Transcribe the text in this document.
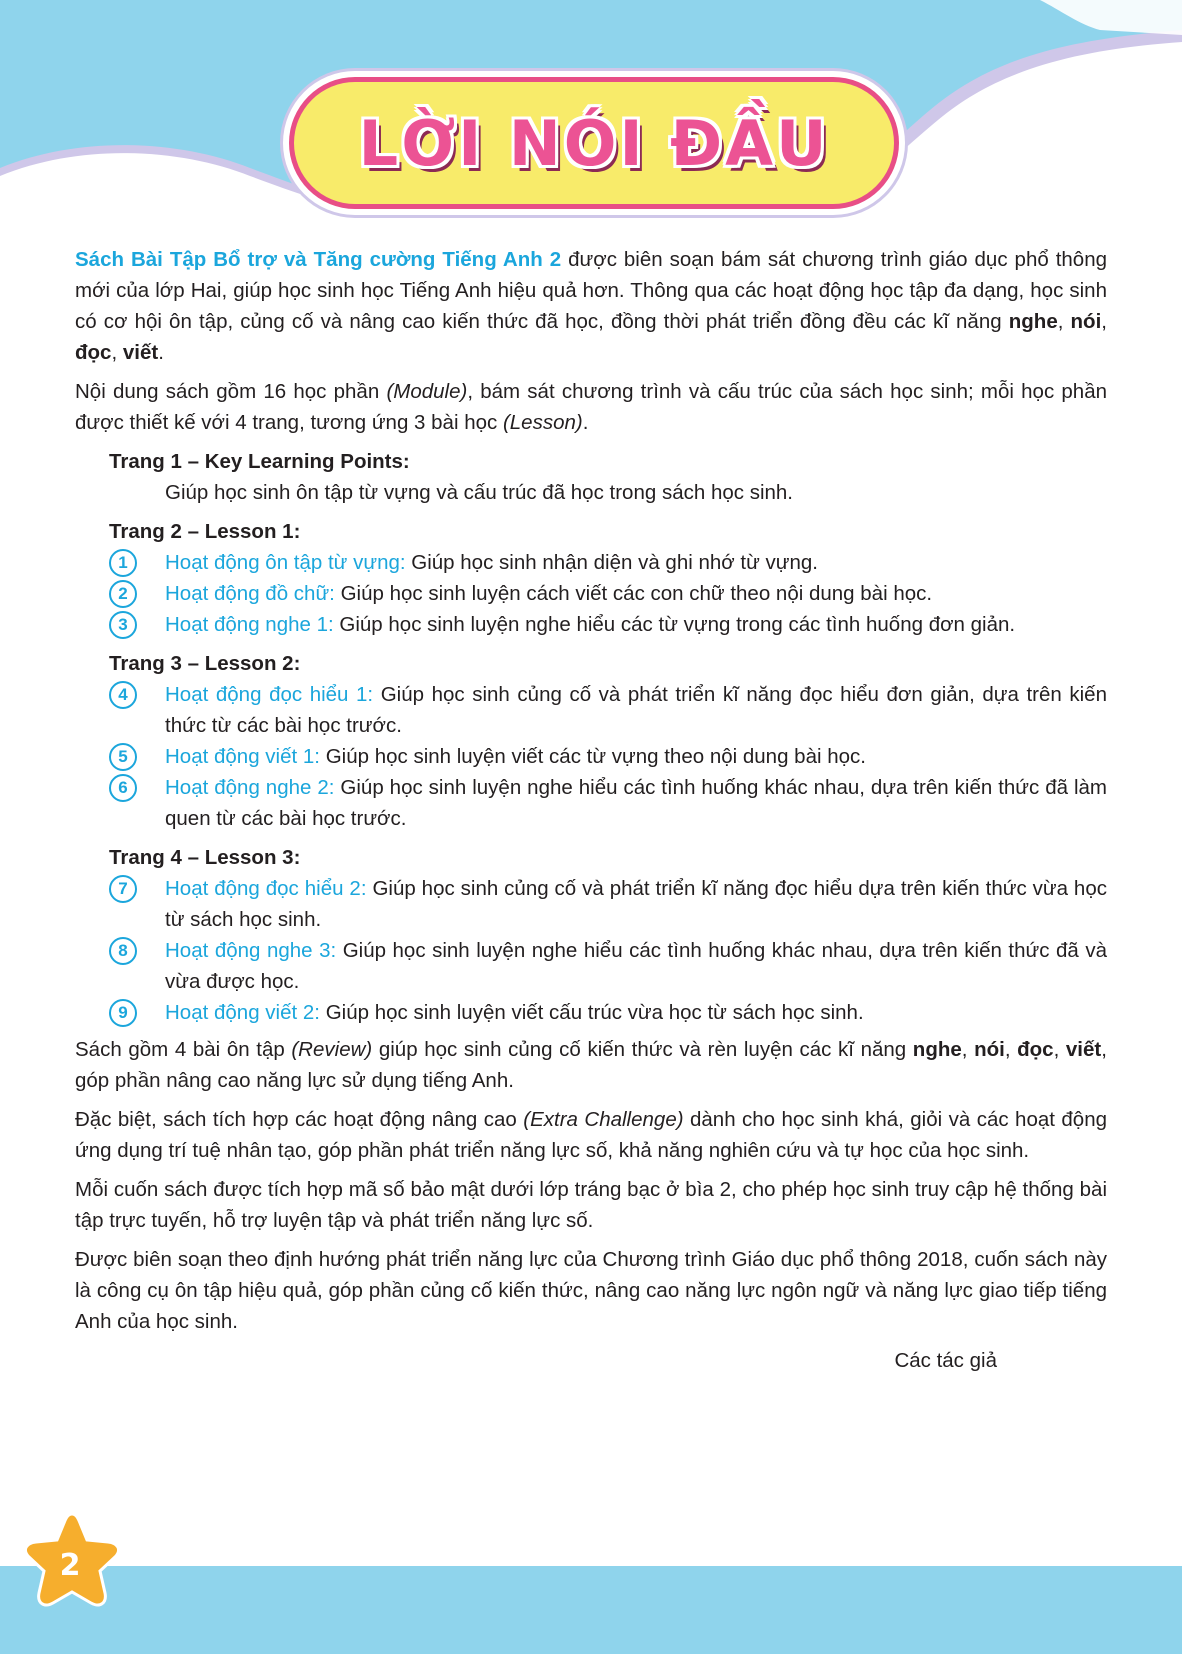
LỜI NÓI ĐẦU

Sách Bài Tập Bổ trợ và Tăng cường Tiếng Anh 2 được biên soạn bám sát chương trình giáo dục phổ thông mới của lớp Hai, giúp học sinh học Tiếng Anh hiệu quả hơn. Thông qua các hoạt động học tập đa dạng, học sinh có cơ hội ôn tập, củng cố và nâng cao kiến thức đã học, đồng thời phát triển đồng đều các kĩ năng nghe, nói, đọc, viết.

Nội dung sách gồm 16 học phần (Module), bám sát chương trình và cấu trúc của sách học sinh; mỗi học phần được thiết kế với 4 trang, tương ứng 3 bài học (Lesson).

Trang 1 – Key Learning Points:
Giúp học sinh ôn tập từ vựng và cấu trúc đã học trong sách học sinh.
Trang 2 – Lesson 1:
1	Hoạt động ôn tập từ vựng: Giúp học sinh nhận diện và ghi nhớ từ vựng.
2	Hoạt động đồ chữ: Giúp học sinh luyện cách viết các con chữ theo nội dung bài học.
3	Hoạt động nghe 1: Giúp học sinh luyện nghe hiểu các từ vựng trong các tình huống đơn giản.
Trang 3 – Lesson 2:
4	Hoạt động đọc hiểu 1: Giúp học sinh củng cố và phát triển kĩ năng đọc hiểu đơn giản, dựa trên kiến thức từ các bài học trước.
5	Hoạt động viết 1: Giúp học sinh luyện viết các từ vựng theo nội dung bài học.
6	Hoạt động nghe 2: Giúp học sinh luyện nghe hiểu các tình huống khác nhau, dựa trên kiến thức đã làm quen từ các bài học trước.
Trang 4 – Lesson 3:
7	Hoạt động đọc hiểu 2: Giúp học sinh củng cố và phát triển kĩ năng đọc hiểu dựa trên kiến thức vừa học từ sách học sinh.
8	Hoạt động nghe 3: Giúp học sinh luyện nghe hiểu các tình huống khác nhau, dựa trên kiến thức đã và vừa được học.
9	Hoạt động viết 2: Giúp học sinh luyện viết cấu trúc vừa học từ sách học sinh.

Sách gồm 4 bài ôn tập (Review) giúp học sinh củng cố kiến thức và rèn luyện các kĩ năng nghe, nói, đọc, viết, góp phần nâng cao năng lực sử dụng tiếng Anh.

Đặc biệt, sách tích hợp các hoạt động nâng cao (Extra Challenge) dành cho học sinh khá, giỏi và các hoạt động ứng dụng trí tuệ nhân tạo, góp phần phát triển năng lực số, khả năng nghiên cứu và tự học của học sinh.

Mỗi cuốn sách được tích hợp mã số bảo mật dưới lớp tráng bạc ở bìa 2, cho phép học sinh truy cập hệ thống bài tập trực tuyến, hỗ trợ luyện tập và phát triển năng lực số.

Được biên soạn theo định hướng phát triển năng lực của Chương trình Giáo dục phổ thông 2018, cuốn sách này là công cụ ôn tập hiệu quả, góp phần củng cố kiến thức, nâng cao năng lực ngôn ngữ và năng lực giao tiếp tiếng Anh của học sinh.

Các tác giả
2
